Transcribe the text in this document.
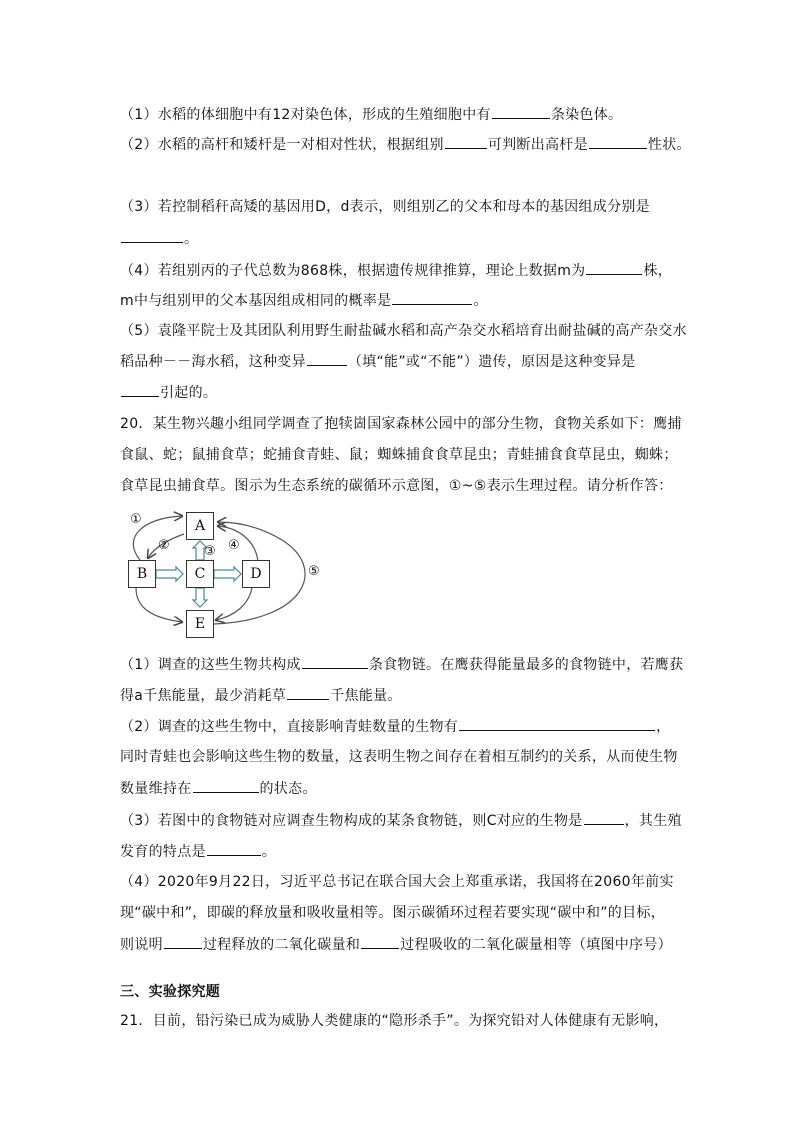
（1）水稻的体细胞中有12对染色体，形成的生殖细胞中有	条染色体。
（2）水稻的高杆和矮杆是一对相对性状，根据组别	可判断出高杆是	性状。
（3）若控制稻秆高矮的基因用D，d表示，则组别乙的父本和母本的基因组成分别是
。
（4）若组别丙的子代总数为868株，根据遗传规律推算，理论上数据m为	株，
m中与组别甲的父本基因组成相同的概率是	。
（5）袁隆平院士及其团队利用野生耐盐碱水稻和高产杂交水稻培育出耐盐碱的高产杂交水
稻品种－－海水稻，这种变异	（填“能”或“不能”）遗传，原因是这种变异是
引起的。
20．某生物兴趣小组同学调查了抱犊崮国家森林公园中的部分生物，食物关系如下：鹰捕
食鼠、蛇；鼠捕食草；蛇捕食青蛙、鼠；蜘蛛捕食食草昆虫；青蛙捕食食草昆虫，蜘蛛；
食草昆虫捕食草。图示为生态系统的碳循环示意图，①~⑤表示生理过程。请分析作答：
A
B	C	D
E
①
②	③ ④
⑤
（1）调查的这些生物共构成	条食物链。在鹰获得能量最多的食物链中，若鹰获
得a千焦能量，最少消耗草	千焦能量。
（2）调查的这些生物中，直接影响青蛙数量的生物有	，
同时青蛙也会影响这些生物的数量，这表明生物之间存在着相互制约的关系，从而使生物
数量维持在	的状态。
（3）若图中的食物链对应调查生物构成的某条食物链，则C对应的生物是	，其生殖
发育的特点是	。
（4）2020年9月22日，习近平总书记在联合国大会上郑重承诺，我国将在2060年前实
现“碳中和”，即碳的释放量和吸收量相等。图示碳循环过程若要实现“碳中和”的目标，
则说明	过程释放的二氧化碳量和	过程吸收的二氧化碳量相等（填图中序号）
三、实验探究题
21．目前，铅污染已成为威胁人类健康的“隐形杀手”。为探究铅对人体健康有无影响，
